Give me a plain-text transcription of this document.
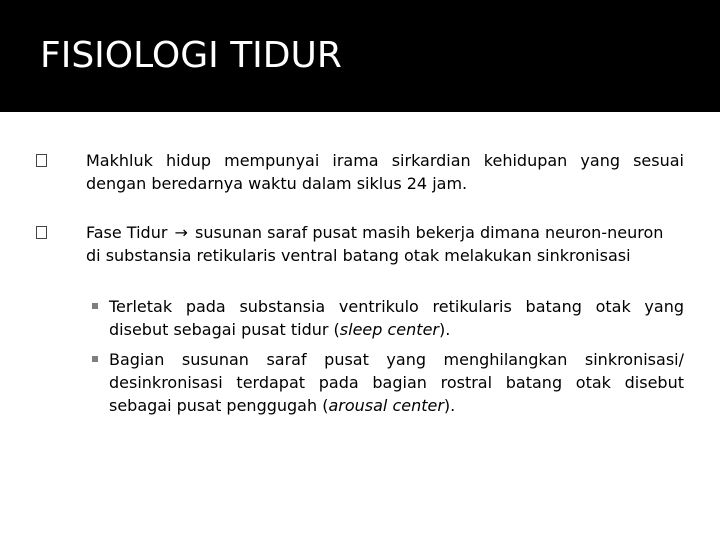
FISIOLOGI TIDUR
Makhluk hidup mempunyai irama sirkardian kehidupan yang sesuai
dengan beredarnya waktu dalam siklus 24 jam.
Fase Tidur → susunan saraf pusat masih bekerja dimana neuron-neuron
di substansia retikularis ventral batang otak melakukan sinkronisasi
Terletak pada substansia ventrikulo retikularis batang otak yang
disebut sebagai pusat tidur (sleep center).
Bagian susunan saraf pusat yang menghilangkan sinkronisasi/
desinkronisasi terdapat pada bagian rostral batang otak disebut
sebagai pusat penggugah (arousal center).
